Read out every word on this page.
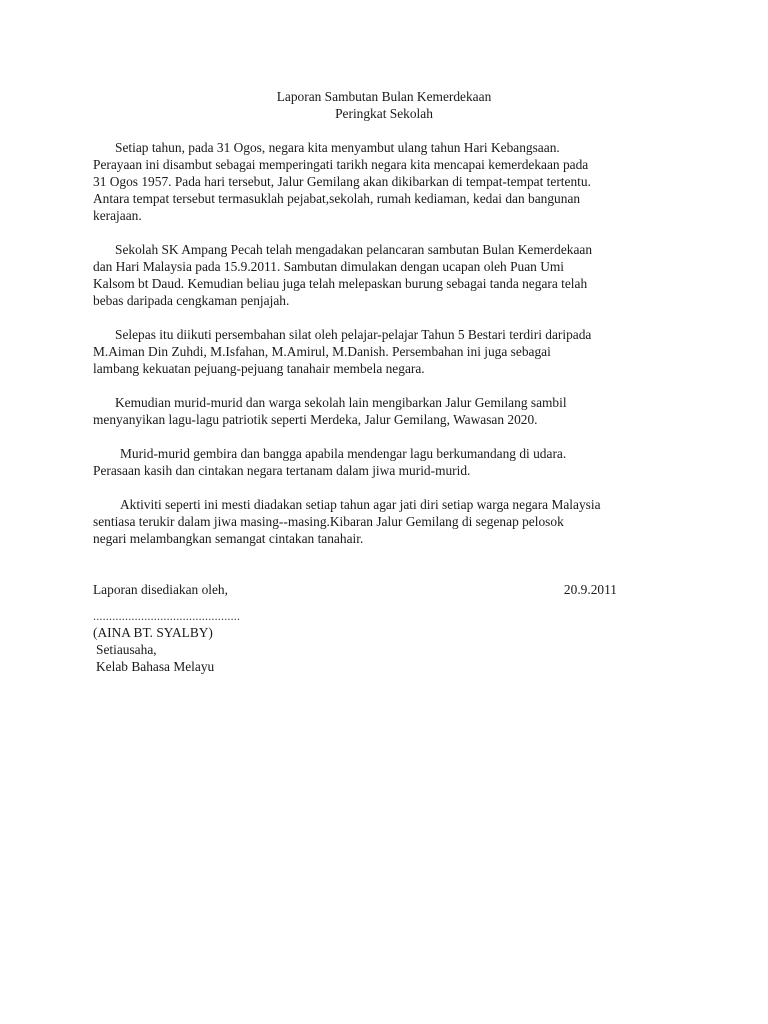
Laporan Sambutan Bulan Kemerdekaan
Peringkat Sekolah
Setiap tahun, pada 31 Ogos, negara kita menyambut ulang tahun Hari Kebangsaan.
Perayaan ini disambut sebagai memperingati tarikh negara kita mencapai kemerdekaan pada
31 Ogos 1957. Pada hari tersebut, Jalur Gemilang akan dikibarkan di tempat-tempat tertentu.
Antara tempat tersebut termasuklah pejabat,sekolah, rumah kediaman, kedai dan bangunan
kerajaan.
Sekolah SK Ampang Pecah telah mengadakan pelancaran sambutan Bulan Kemerdekaan
dan Hari Malaysia pada 15.9.2011. Sambutan dimulakan dengan ucapan oleh Puan Umi
Kalsom bt Daud. Kemudian beliau juga telah melepaskan burung sebagai tanda negara telah
bebas daripada cengkaman penjajah.
Selepas itu diikuti persembahan silat oleh pelajar-pelajar Tahun 5 Bestari terdiri daripada
M.Aiman Din Zuhdi, M.Isfahan, M.Amirul, M.Danish. Persembahan ini juga sebagai
lambang kekuatan pejuang-pejuang tanahair membela negara.
Kemudian murid-murid dan warga sekolah lain mengibarkan Jalur Gemilang sambil
menyanyikan lagu-lagu patriotik seperti Merdeka, Jalur Gemilang, Wawasan 2020.
Murid-murid gembira dan bangga apabila mendengar lagu berkumandang di udara.
Perasaan kasih dan cintakan negara tertanam dalam jiwa murid-murid.
Aktiviti seperti ini mesti diadakan setiap tahun agar jati diri setiap warga negara Malaysia
sentiasa terukir dalam jiwa masing--masing.Kibaran Jalur Gemilang di segenap pelosok
negari melambangkan semangat cintakan tanahair.
Laporan disediakan oleh,	20.9.2011
..............................................
(AINA BT. SYALBY)
Setiausaha,
Kelab Bahasa Melayu
